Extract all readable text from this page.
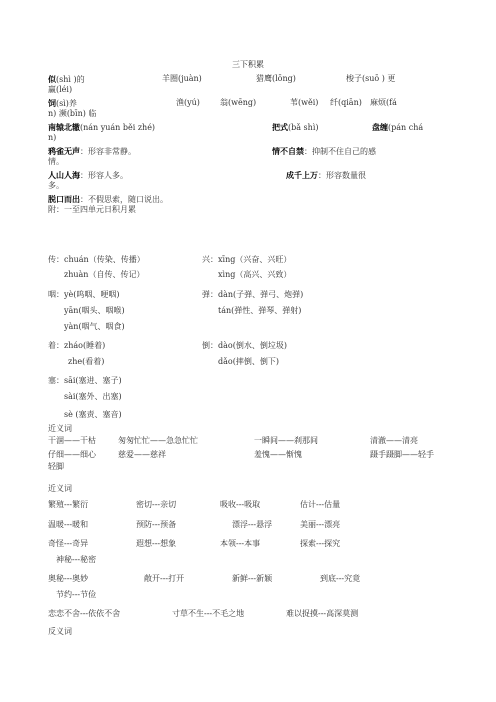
三下积累
似(shì )的	羊圈(juàn)	猎鹰(lōng)	梭子(suō ) 更
赢(léi)
饲(sì)养	渔(yú)	翁(wēng)	苇(wěi) 纤(qiān) 麻烦(fá
n) 濒(bīn) 临
南辕北辙(nán yuán běi zhé)	把式(bǎ shì)	盘缠(pán chá
n)
鸦雀无声：形容非常静。	情不自禁：抑制不住自己的感
情。
人山人海：形容人多。	成千上万：形容数量很
多。
脱口而出：不假思索，随口说出。
附：一至四单元日积月累
传：chuán（传染、传播）	兴：xīng（兴奋、兴旺）
zhuàn（自传、传记）	xìng（高兴、兴致）
咽：yè(呜咽、哽咽)	弹：dàn(子弹、弹弓、炮弹)
yān(咽头、咽喉)	tán(弹性、弹琴、弹射)
yàn(咽气、咽食)
着：zháo(睡着)	倒：dào(倒水、倒垃圾)
zhe(看着)	dǎo(摔倒、倒下)
塞：sāi(塞进、塞子)
sài(塞外、出塞)
sè (塞责、塞音)
近义词
干涸——干枯	匆匆忙忙——急急忙忙	一瞬间——刹那间	清澈——清亮
仔细——细心	慈爱——慈祥	羞愧——惭愧	蹑手蹑脚——轻手
轻脚
近义词
繁殖---繁衍	密切---亲切	吸收---吸取	估计---估量
温暖---暖和	预防---预备	漂浮---悬浮	美丽---漂亮
奇怪---奇异	遐想---想象	本领---本事	探索---探究
神秘---秘密
奥秘---奥妙	敞开---打开	新鲜---新颖	到底---究竟
节约---节俭
恋恋不舍---依依不舍	寸草不生---不毛之地	难以捉摸---高深莫测
反义词
